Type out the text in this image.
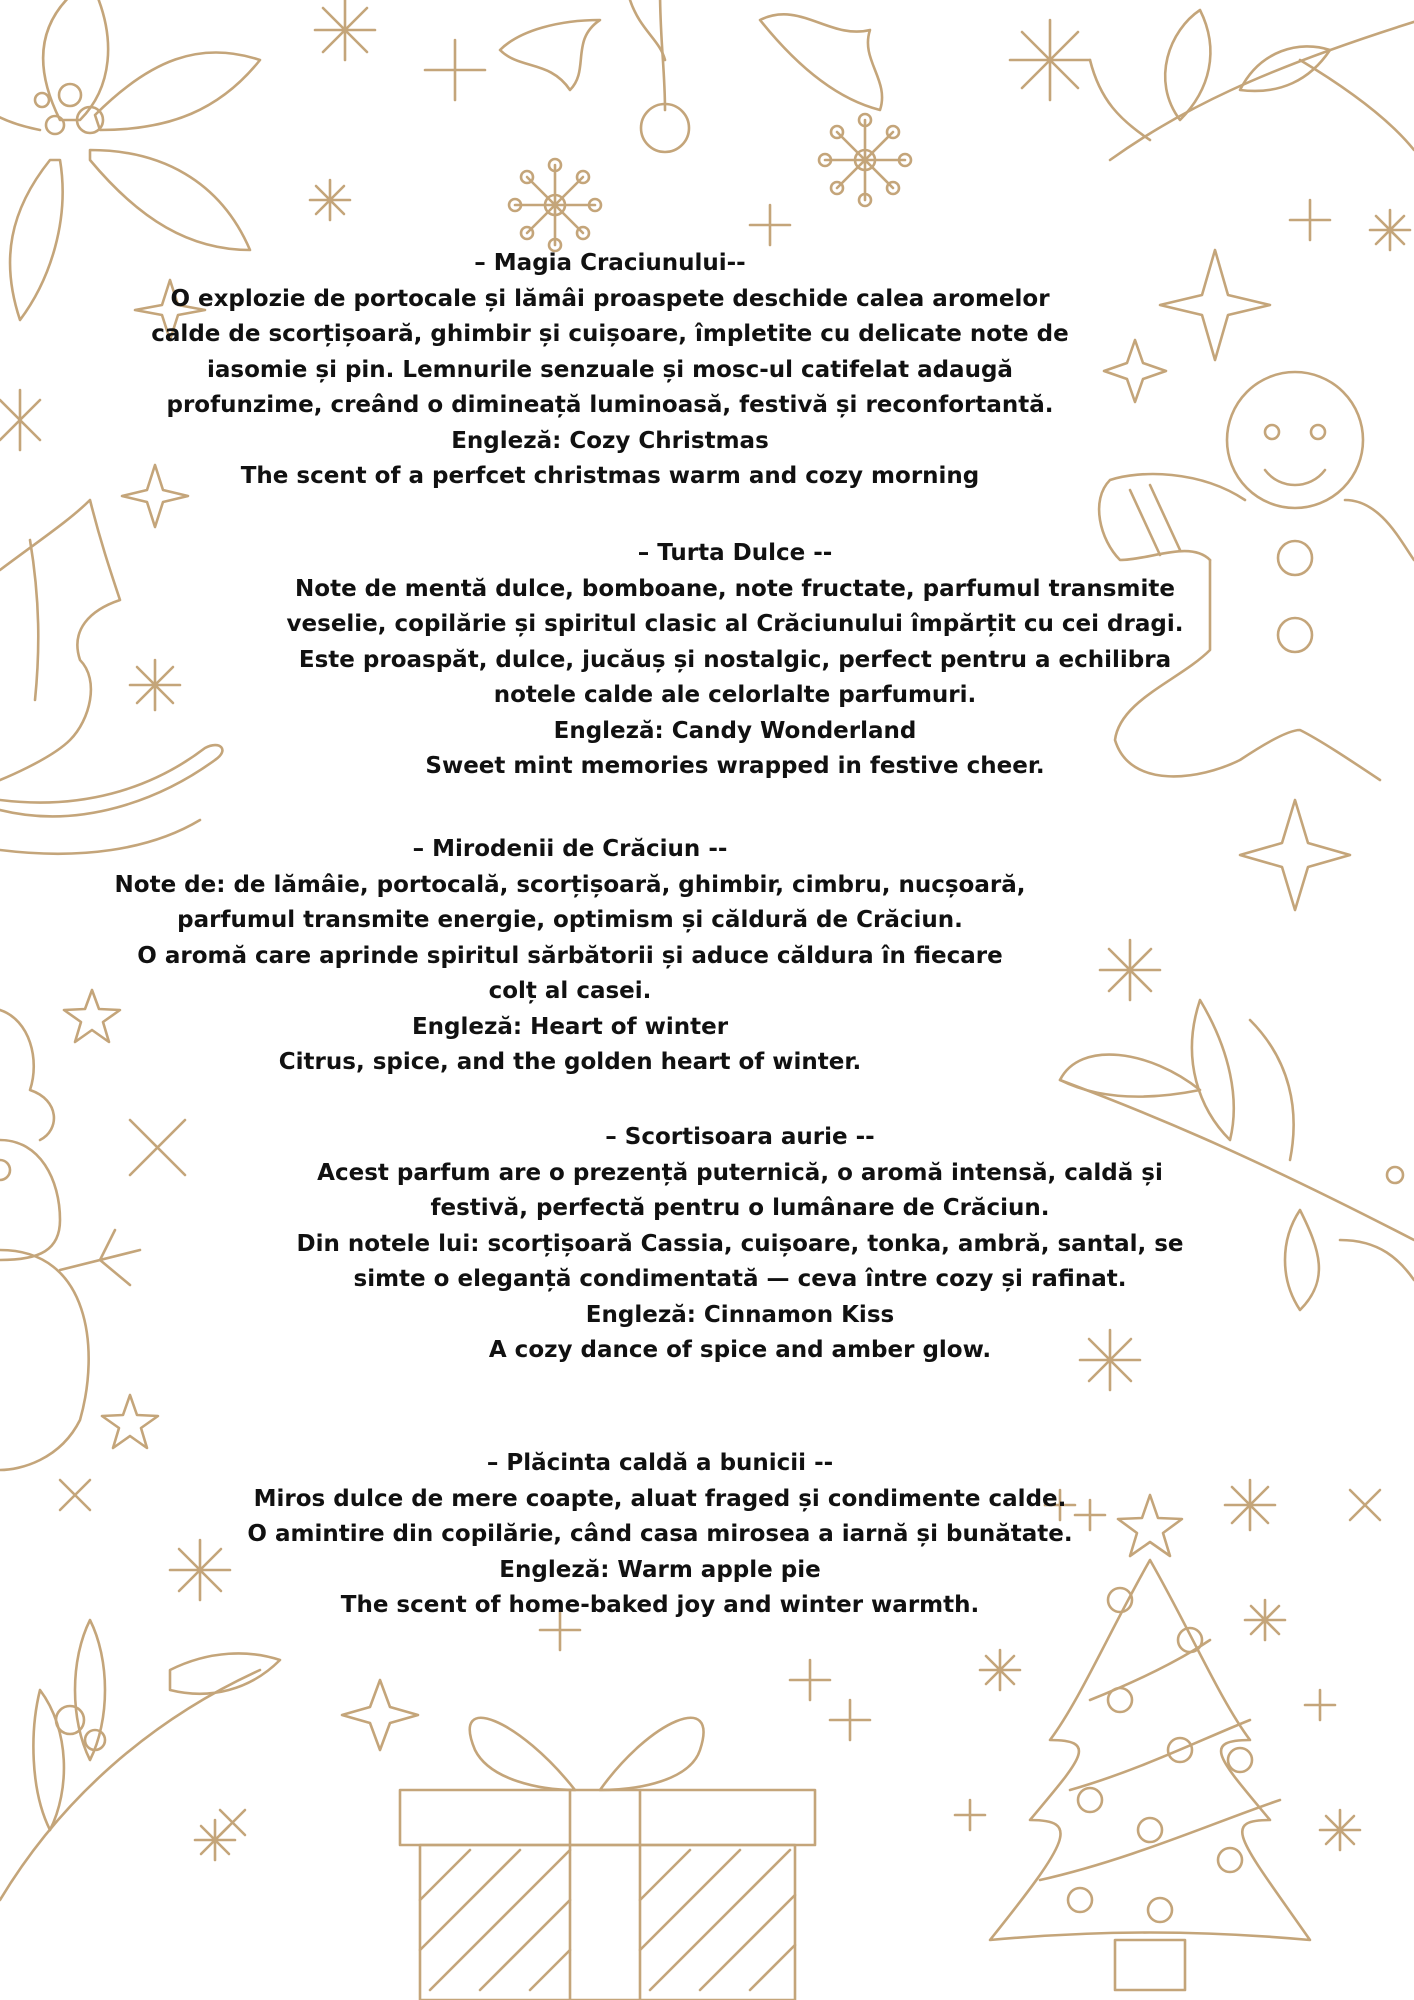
– Magia Craciunului--
O explozie de portocale și lămâi proaspete deschide calea aromelor
calde de scorțișoară, ghimbir și cuișoare, împletite cu delicate note de
iasomie și pin. Lemnurile senzuale și mosc-ul catifelat adaugă
profunzime, creând o dimineață luminoasă, festivă și reconfortantă.
Engleză: Cozy Christmas
The scent of a perfcet christmas warm and cozy morning
– Turta Dulce --
Note de mentă dulce, bomboane, note fructate, parfumul transmite
veselie, copilărie și spiritul clasic al Crăciunului împărțit cu cei dragi.
Este proaspăt, dulce, jucăuș și nostalgic, perfect pentru a echilibra
notele calde ale celorlalte parfumuri.
Engleză: Candy Wonderland
Sweet mint memories wrapped in festive cheer.
– Mirodenii de Crăciun --
Note de: de lămâie, portocală, scorțișoară, ghimbir, cimbru, nucșoară,
parfumul transmite energie, optimism și căldură de Crăciun.
O aromă care aprinde spiritul sărbătorii și aduce căldura în fiecare
colț al casei.
Engleză: Heart of winter
Citrus, spice, and the golden heart of winter.
– Scortisoara aurie --
Acest parfum are o prezență puternică, o aromă intensă, caldă și
festivă, perfectă pentru o lumânare de Crăciun.
Din notele lui: scorțișoară Cassia, cuișoare, tonka, ambră, santal, se
simte o eleganță condimentată — ceva între cozy și rafinat.
Engleză: Cinnamon Kiss
A cozy dance of spice and amber glow.
– Plăcinta caldă a bunicii --
Miros dulce de mere coapte, aluat fraged și condimente calde.
O amintire din copilărie, când casa mirosea a iarnă și bunătate.
Engleză: Warm apple pie
The scent of home-baked joy and winter warmth.
